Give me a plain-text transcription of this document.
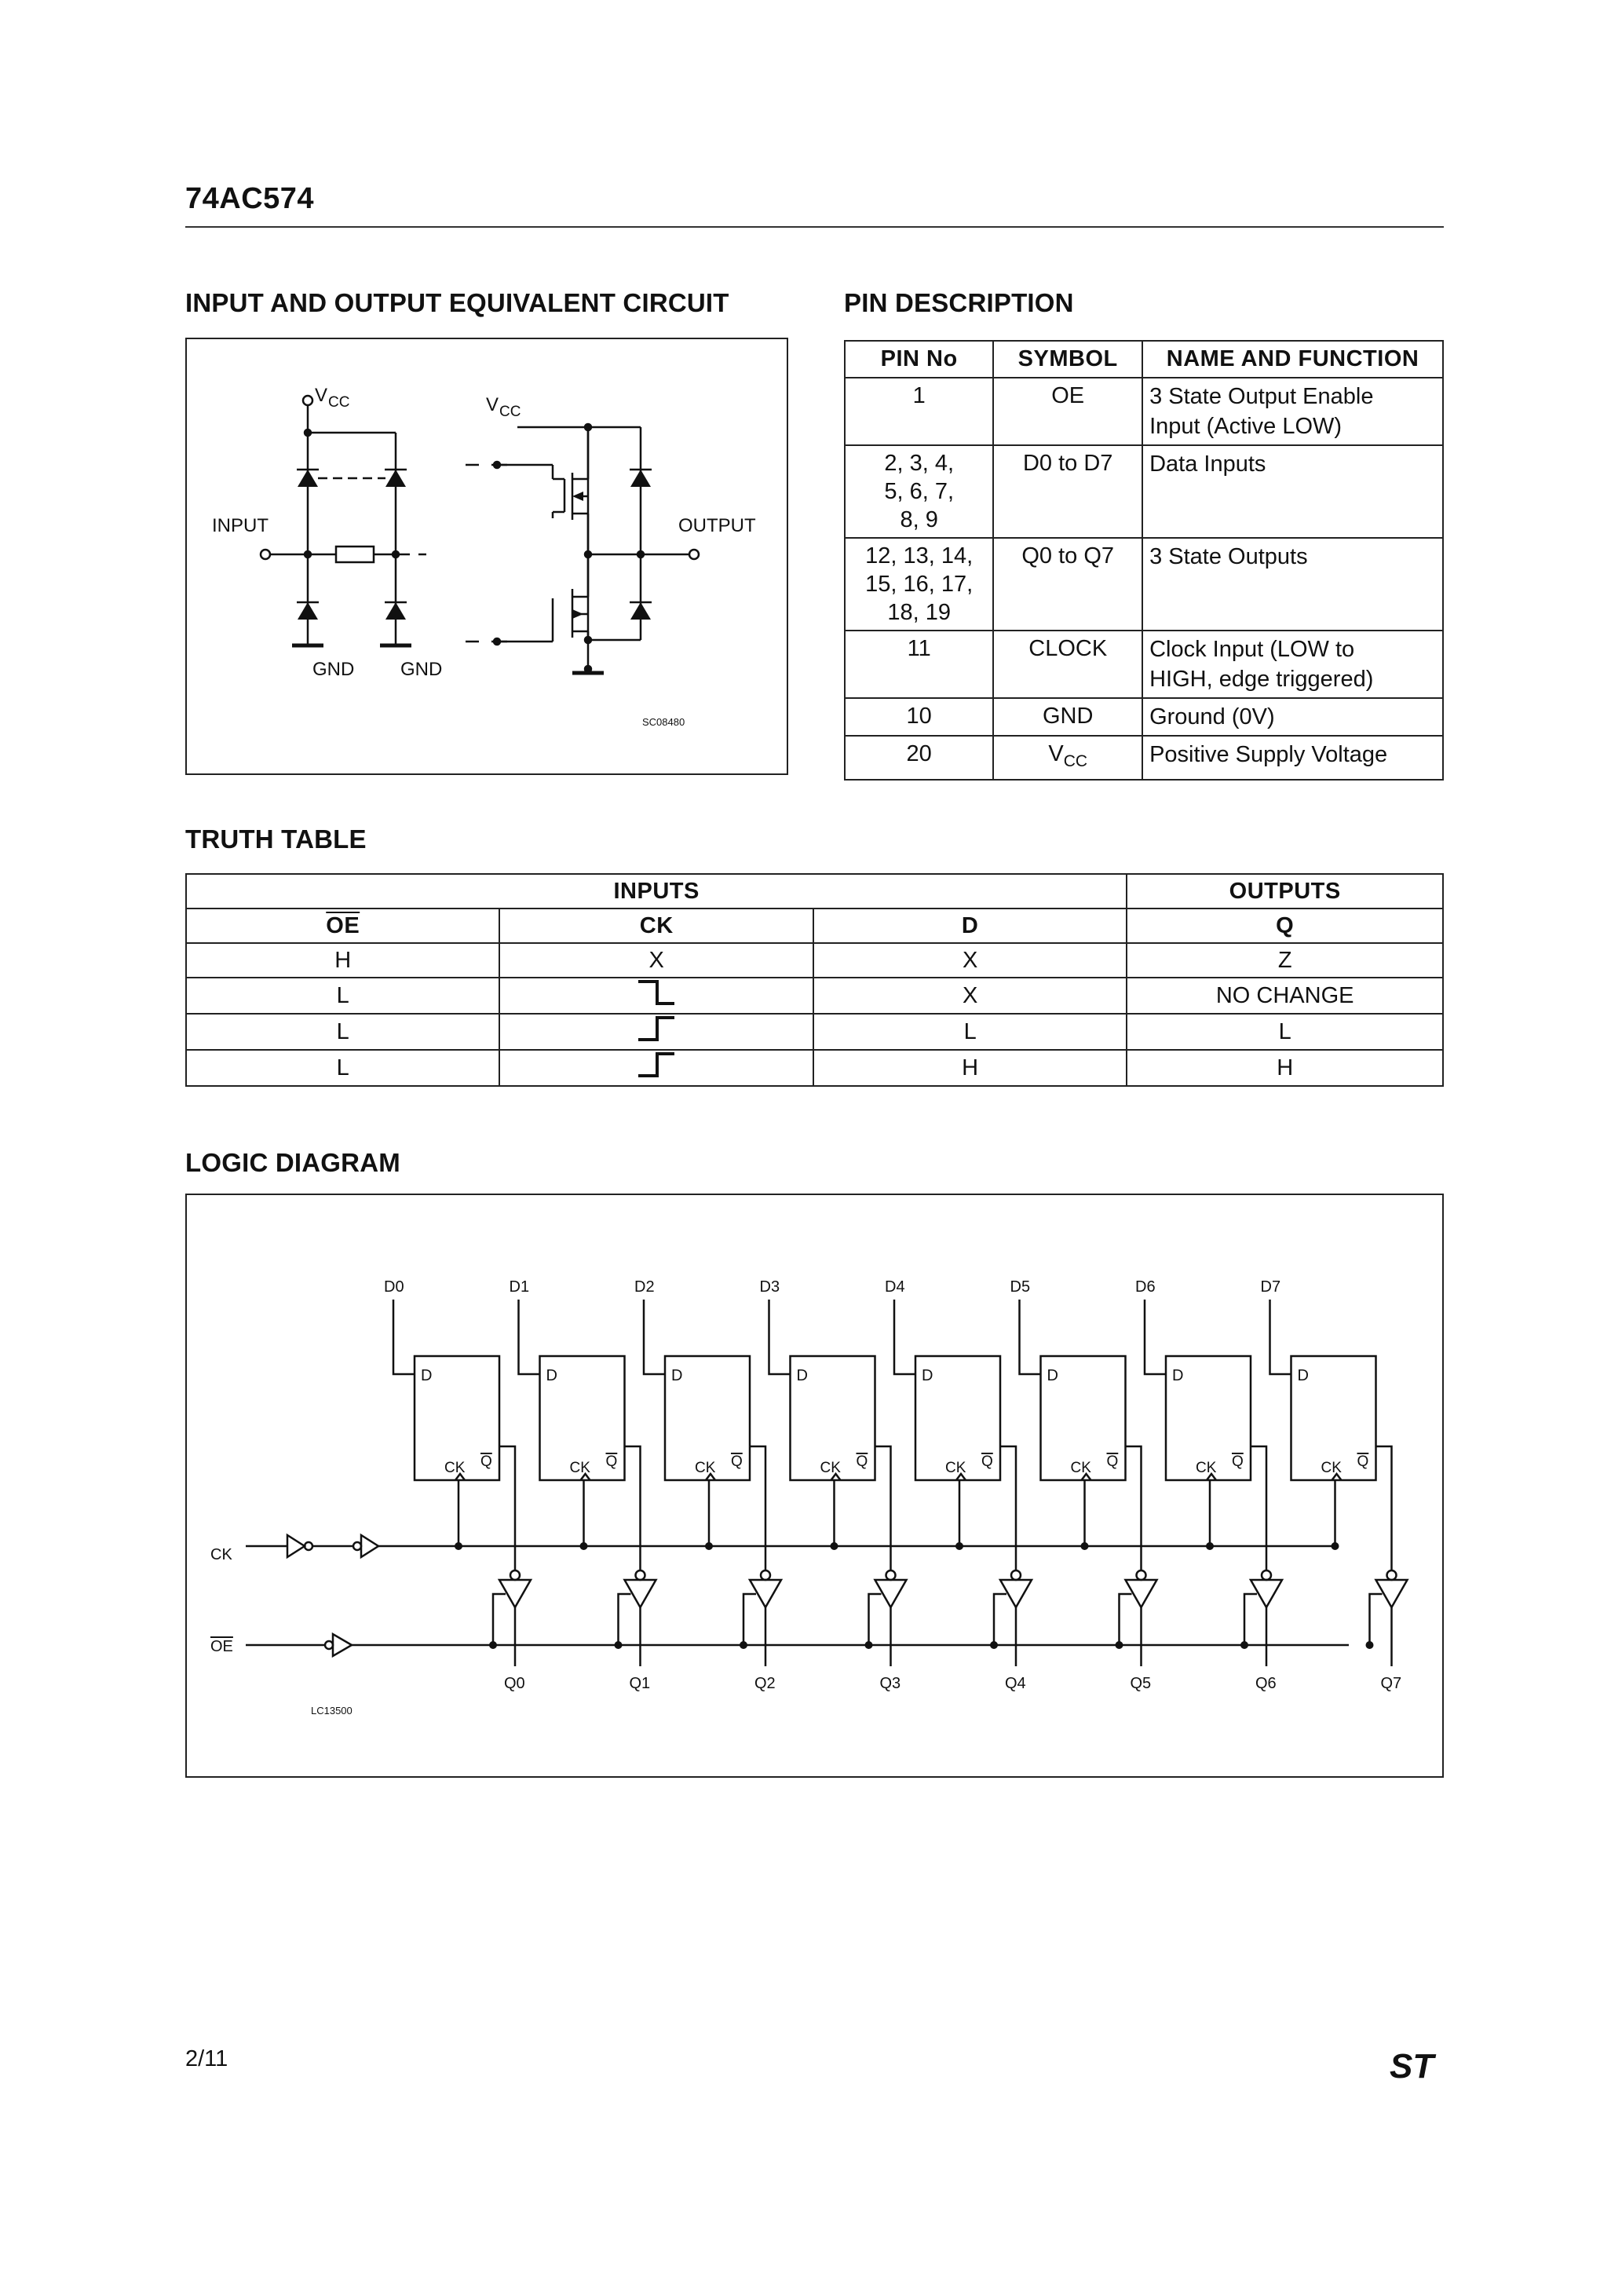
74AC574
INPUT AND OUTPUT EQUIVALENT CIRCUIT	PIN DESCRIPTION
V CC
INPUT
GND GND
V CC
OUTPUT
SC08480
PIN No	SYMBOL	NAME AND FUNCTION

1	OE	3 State Output Enable
Input (Active LOW)

2, 3, 4,
5, 6, 7,
8, 9	D0 to D7	Data Inputs

12, 13, 14,
15, 16, 17,
18, 19	Q0 to Q7	3 State Outputs

11	CLOCK	Clock Input (LOW to
HIGH, edge triggered)

10	GND	Ground (0V)

20	$V_{CC}$	Positive Supply Voltage
TRUTH TABLE
INPUTS			OUTPUTS
$\overline{OE}$	CK	D	Q
H	X	X	Z
L		X	NO CHANGE
L		L	L
L		H	H
LOGIC DIAGRAM
CK
OE
LC13500
D0
D
CK Q
Q0
D1
D
CK Q
Q1
D2
D
CK Q
Q2
D3
D
CK Q
Q3
D4
D
CK Q
Q4
D5
D
CK Q
Q5
D6
D
CK Q
Q6
D7
D
CK Q
Q7
2/11	ST
